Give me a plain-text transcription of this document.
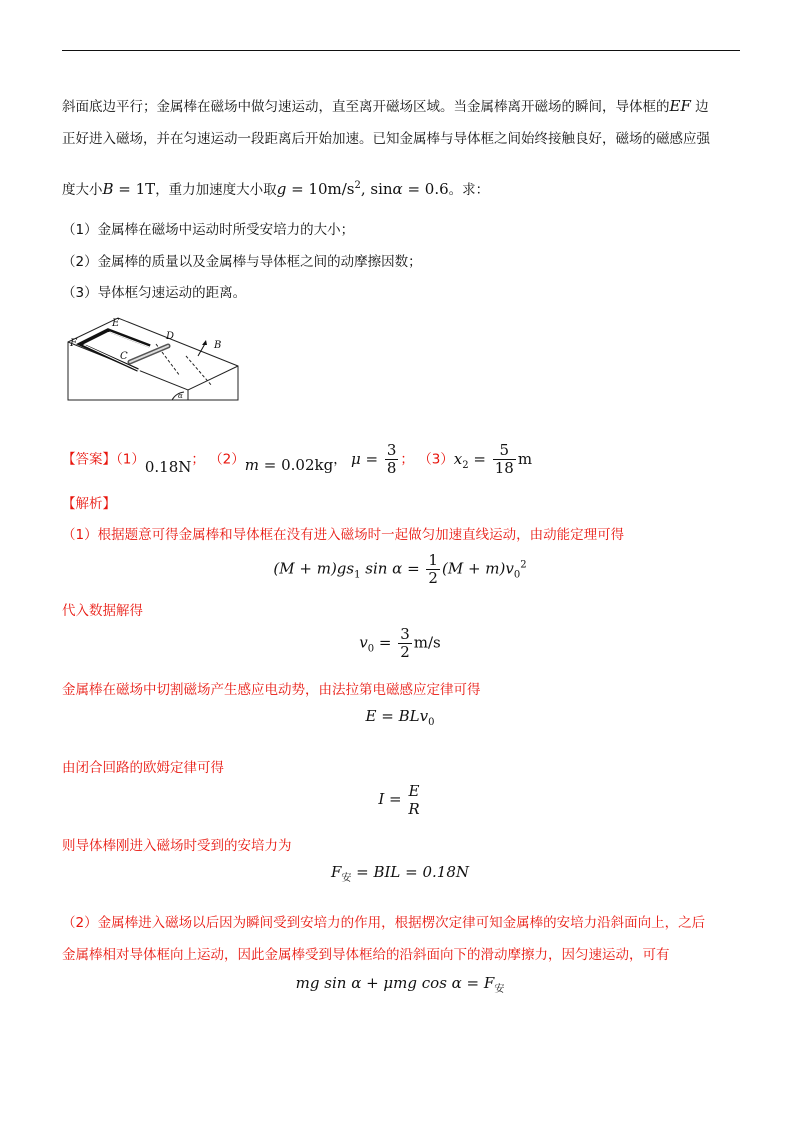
斜面底边平行；金属棒在磁场中做匀速运动，直至离开磁场区域。当金属棒离开磁场的瞬间，导体框的EF 边
正好进入磁场，并在匀速运动一段距离后开始加速。已知金属棒与导体框之间始终接触良好，磁场的磁感应强
度大小B = 1T，重力加速度大小取$g = 10m/s^2$, sinα = 0.6。求：
（1）金属棒在磁场中运动时所受安培力的大小；
（2）金属棒的质量以及金属棒与导体框之间的动摩擦因数；
（3）导体框匀速运动的距离。
E
F
D
C
B
α
【答案】（1）0.18N； （2）m = 0.02kg， $\mu = \frac{3}{8}$ ； $(3)x_2 = \frac{5}{18}$ m
【解析】
（1）根据题意可得金属棒和导体框在没有进入磁场时一起做匀加速直线运动，由动能定理可得
$(M + m)gs_1$ $\sin \alpha = \frac{1}{2} (M + m)v_0^2$
代入数据解得
$v_0 = \frac{3}{2} m/s$
金属棒在磁场中切割磁场产生感应电动势，由法拉第电磁感应定律可得
E = BLv$_0$
由闭合回路的欧姆定律可得
I = E
R
则导体棒刚进入磁场时受到的安培力为
$F_安$ = BIL = 0.18N
（2）金属棒进入磁场以后因为瞬间受到安培力的作用，根据楞次定律可知金属棒的安培力沿斜面向上，之后
金属棒相对导体框向上运动，因此金属棒受到导体框给的沿斜面向下的滑动摩擦力，因匀速运动，可有
mg sin α + μmg $\cos \alpha = F_安$
